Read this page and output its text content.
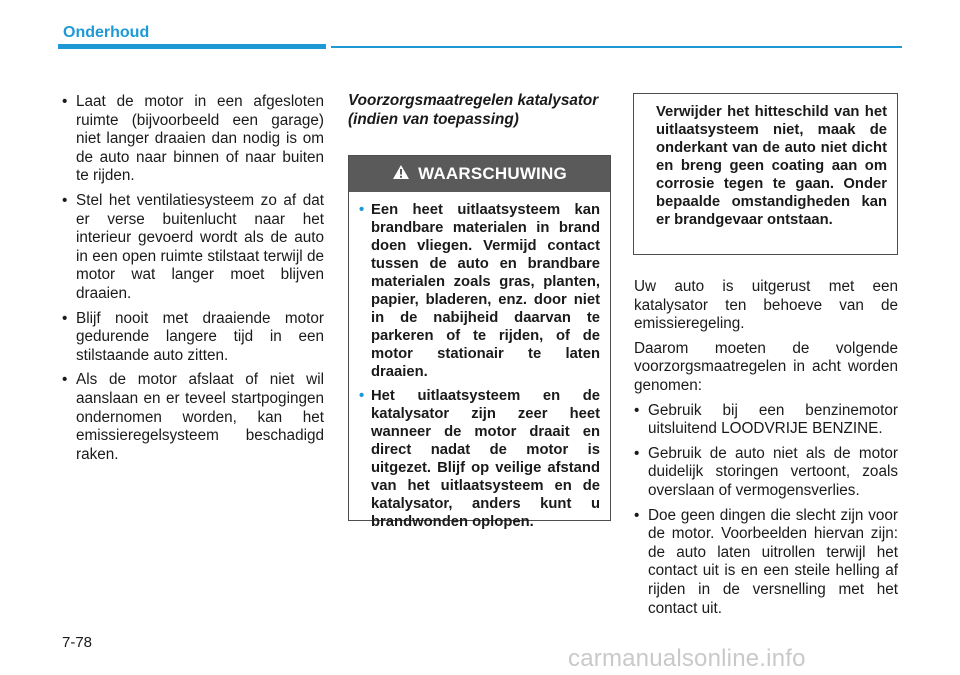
Onderhoud
• Laat de motor in een afgesloten ruimte (bijvoorbeeld een garage) niet langer draaien dan nodig is om de auto naar binnen of naar buiten te rijden.
• Stel het ventilatiesysteem zo af dat er verse buitenlucht naar het interieur gevoerd wordt als de auto in een open ruimte stilstaat terwijl de motor wat langer moet blijven draaien.
• Blijf nooit met draaiende motor gedurende langere tijd in een stilstaande auto zitten.
• Als de motor afslaat of niet wil aanslaan en er teveel startpogingen ondernomen worden, kan het emissieregelsysteem beschadigd raken.
Voorzorgsmaatregelen katalysator
(indien van toepassing)
WAARSCHUWING
• Een heet uitlaatsysteem kan brandbare materialen in brand doen vliegen. Vermijd contact tussen de auto en brandbare materialen zoals gras, planten, papier, bladeren, enz. door niet in de nabijheid daarvan te parkeren of te rijden, of de motor stationair te laten draaien.
• Het uitlaatsysteem en de katalysator zijn zeer heet wanneer de motor draait en direct nadat de motor is uitgezet. Blijf op veilige afstand van het uitlaatsysteem en de katalysator, anders kunt u brandwonden oplopen.
Verwijder het hitteschild van het uitlaatsysteem niet, maak de onderkant van de auto niet dicht en breng geen coating aan om corrosie tegen te gaan. Onder bepaalde omstandigheden kan er brandgevaar ontstaan.

Uw auto is uitgerust met een katalysator ten behoeve van de emissieregeling.

Daarom moeten de volgende voorzorgsmaatregelen in acht worden genomen:

• Gebruik bij een benzinemotor uitsluitend LOODVRIJE BENZINE.
• Gebruik de auto niet als de motor duidelijk storingen vertoont, zoals overslaan of vermogensverlies.
• Doe geen dingen die slecht zijn voor de motor. Voorbeelden hiervan zijn: de auto laten uitrollen terwijl het contact uit is en een steile helling af rijden in de versnelling met het contact uit.
7-78
carmanualsonline.info
